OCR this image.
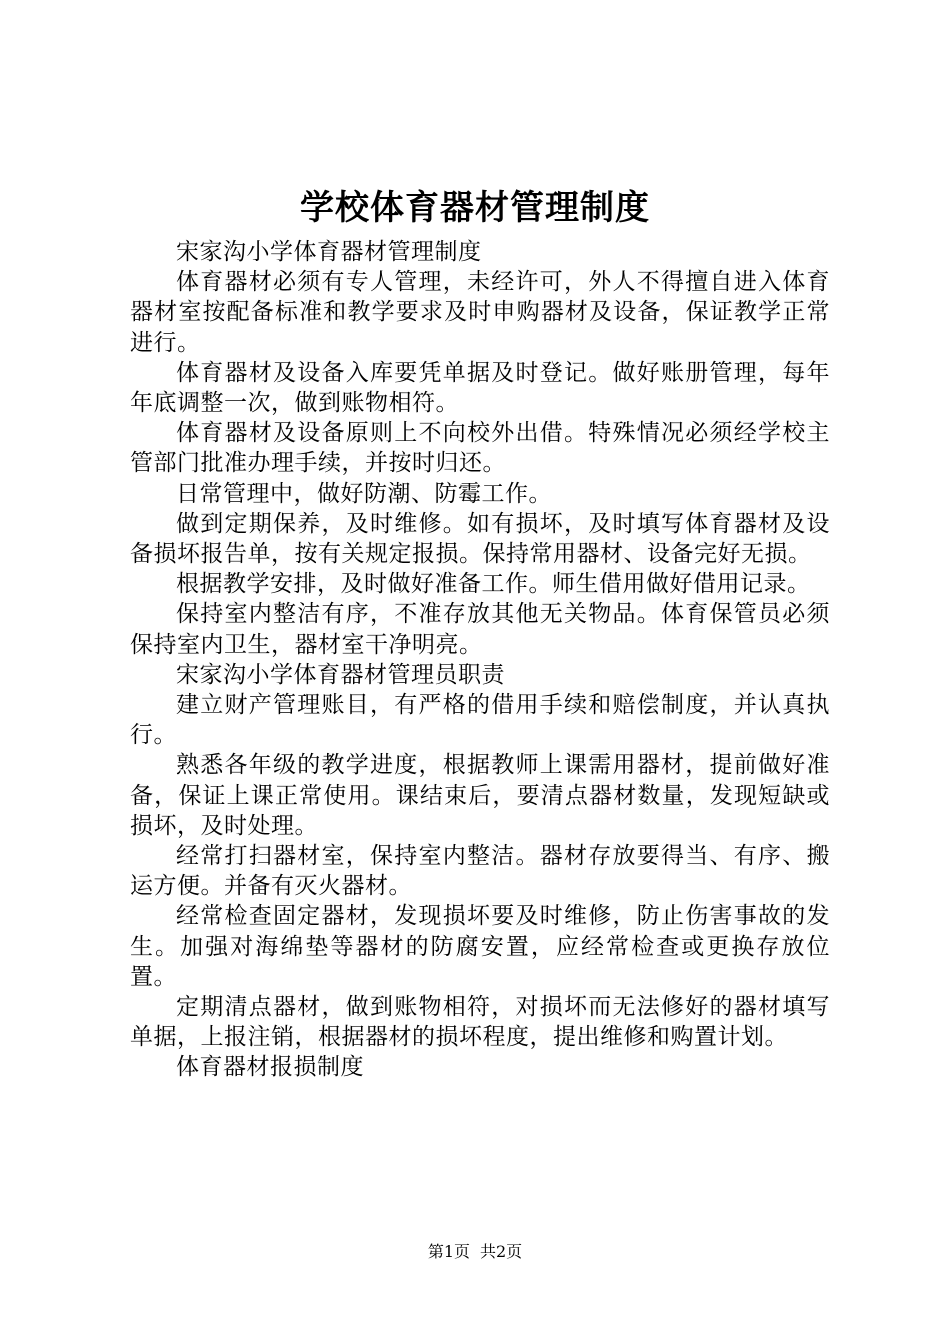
学校体育器材管理制度

宋家沟小学体育器材管理制度

体育器材必须有专人管理，未经许可，外人不得擅自进入体育器材室按配备标准和教学要求及时申购器材及设备，保证教学正常进行。

体育器材及设备入库要凭单据及时登记。做好账册管理，每年年底调整一次，做到账物相符。

体育器材及设备原则上不向校外出借。特殊情况必须经学校主管部门批准办理手续，并按时归还。

日常管理中，做好防潮、防霉工作。

做到定期保养，及时维修。如有损坏，及时填写体育器材及设备损坏报告单，按有关规定报损。保持常用器材、设备完好无损。

根据教学安排，及时做好准备工作。师生借用做好借用记录。

保持室内整洁有序，不准存放其他无关物品。体育保管员必须保持室内卫生，器材室干净明亮。

宋家沟小学体育器材管理员职责

建立财产管理账目，有严格的借用手续和赔偿制度，并认真执行。

熟悉各年级的教学进度，根据教师上课需用器材，提前做好准备，保证上课正常使用。课结束后，要清点器材数量，发现短缺或损坏，及时处理。

经常打扫器材室，保持室内整洁。器材存放要得当、有序、搬运方便。并备有灭火器材。

经常检查固定器材，发现损坏要及时维修，防止伤害事故的发生。加强对海绵垫等器材的防腐安置，应经常检查或更换存放位置。

定期清点器材，做到账物相符，对损坏而无法修好的器材填写单据，上报注销，根据器材的损坏程度，提出维修和购置计划。

体育器材报损制度

第1页 共2页
